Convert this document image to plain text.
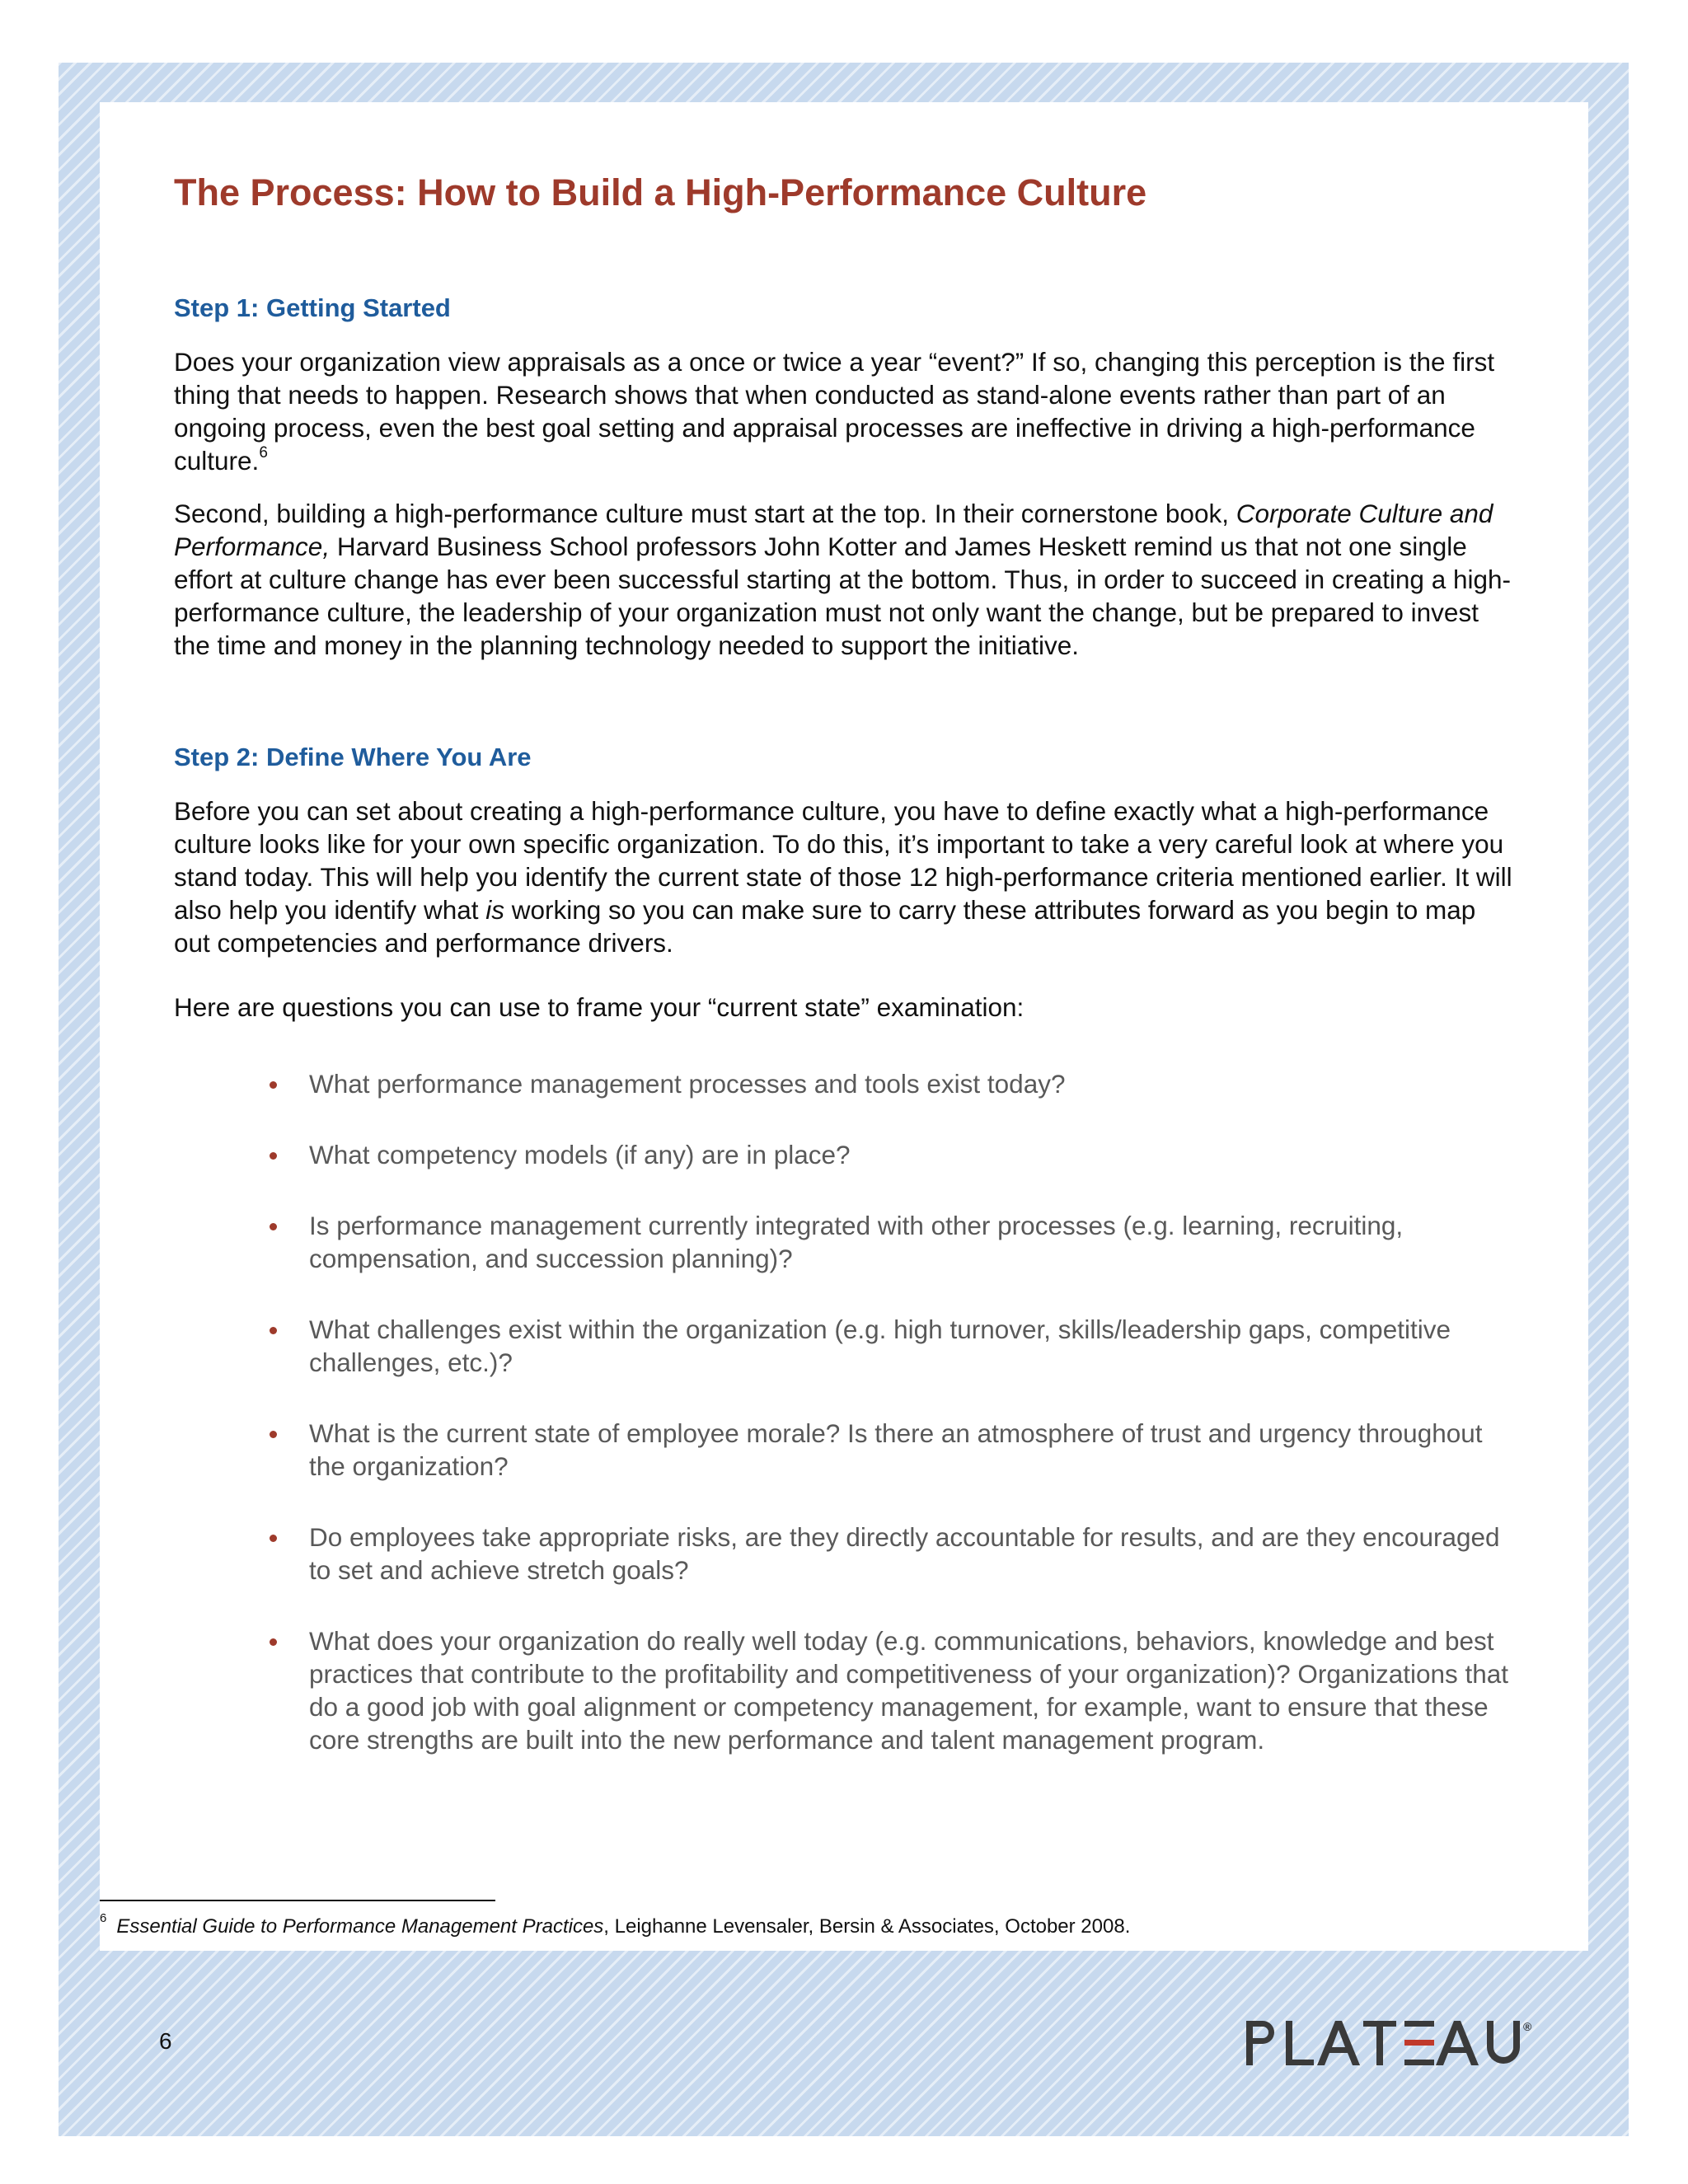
The Process: How to Build a High-Performance Culture
Step 1: Getting Started

Does your organization view appraisals as a once or twice a year “event?” If so, changing this perception is the first thing that needs to happen. Research shows that when conducted as stand-alone events rather than part of an ongoing process, even the best goal setting and appraisal processes are ineffective in driving a high-performance culture.$^6$

Second, building a high-performance culture must start at the top. In their cornerstone book, Corporate Culture and Performance, Harvard Business School professors John Kotter and James Heskett remind us that not one single effort at culture change has ever been successful starting at the bottom. Thus, in order to succeed in creating a high-performance culture, the leadership of your organization must not only want the change, but be prepared to invest the time and money in the planning technology needed to support the initiative.

Step 2: Define Where You Are

Before you can set about creating a high-performance culture, you have to define exactly what a high-performance culture looks like for your own specific organization. To do this, it’s important to take a very careful look at where you stand today. This will help you identify the current state of those 12 high-performance criteria mentioned earlier. It will also help you identify what is working so you can make sure to carry these attributes forward as you begin to map out competencies and performance drivers.

Here are questions you can use to frame your “current state” examination:

What performance management processes and tools exist today?
What competency models (if any) are in place?
Is performance management currently integrated with other processes (e.g. learning, recruiting, compensation, and succession planning)?
What challenges exist within the organization (e.g. high turnover, skills/leadership gaps, competitive challenges, etc.)?
What is the current state of employee morale? Is there an atmosphere of trust and urgency throughout the organization?
Do employees take appropriate risks, are they directly accountable for results, and are they encouraged to set and achieve stretch goals?
What does your organization do really well today (e.g. communications, behaviors, knowledge and best practices that contribute to the profitability and competitiveness of your organization)? Organizations that do a good job with goal alignment or competency management, for example, want to ensure that these core strengths are built into the new performance and talent management program.
$^6$ Essential Guide to Performance Management Practices, Leighanne Levensaler, Bersin & Associates, October 2008.
6
®
